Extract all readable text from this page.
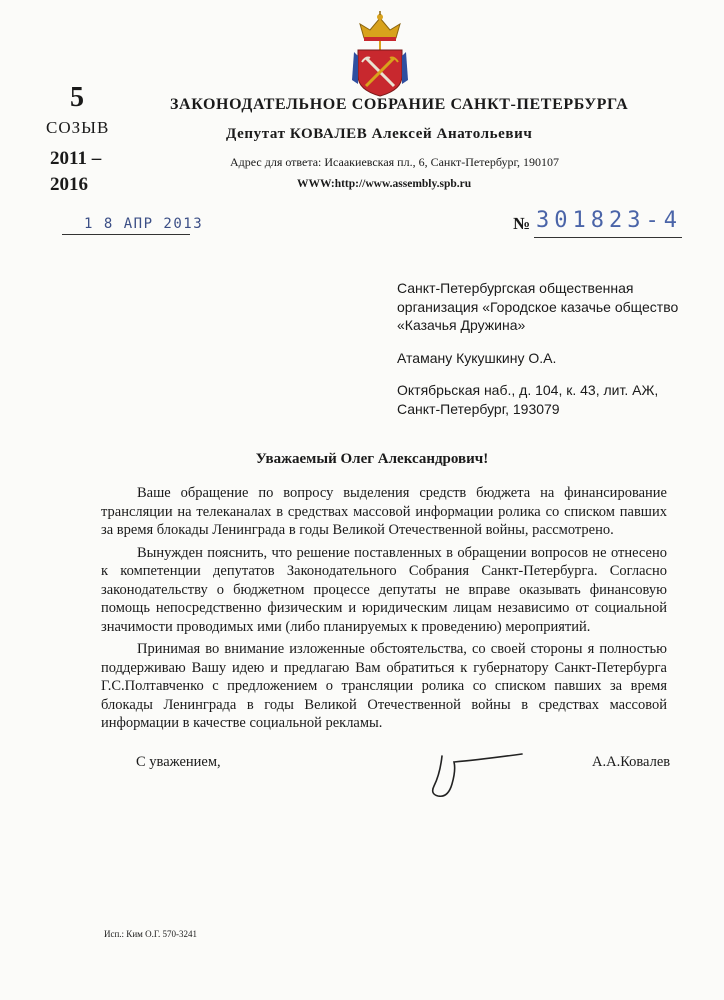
5
СОЗЫВ
2011 –
2016
ЗАКОНОДАТЕЛЬНОЕ СОБРАНИЕ САНКТ-ПЕТЕРБУРГА
Депутат КОВАЛЕВ Алексей Анатольевич
Адрес для ответа: Исаакиевская пл., 6, Санкт-Петербург, 190107
WWW:http://www.assembly.spb.ru
1 8 АПР 2013	№ 301823-4
Санкт-Петербургская общественная
организация «Городское казачье общество
«Казачья Дружина»
Атаману Кукушкину О.А.
Октябрьская наб., д. 104, к. 43, лит. АЖ,
Санкт-Петербург, 193079
Уважаемый Олег Александрович!

Ваше обращение по вопросу выделения средств бюджета на финансирование трансляции на телеканалах в средствах массовой информации ролика со списком павших за время блокады Ленинграда в годы Великой Отечественной войны, рассмотрено.

Вынужден пояснить, что решение поставленных в обращении вопросов не отнесено к компетенции депутатов Законодательного Собрания Санкт-Петербурга. Согласно законодательству о бюджетном процессе депутаты не вправе оказывать финансовую помощь непосредственно физическим и юридическим лицам независимо от социальной значимости проводимых ими (либо планируемых к проведению) мероприятий.

Принимая во внимание изложенные обстоятельства, со своей стороны я полностью поддерживаю Вашу идею и предлагаю Вам обратиться к губернатору Санкт-Петербурга Г.С.Полтавченко с предложением о трансляции ролика со списком павших за время блокады Ленинграда в годы Великой Отечественной войны в средствах массовой информации в качестве социальной рекламы.

С уважением,	А.А.Ковалев
Исп.: Ким О.Г. 570-3241
